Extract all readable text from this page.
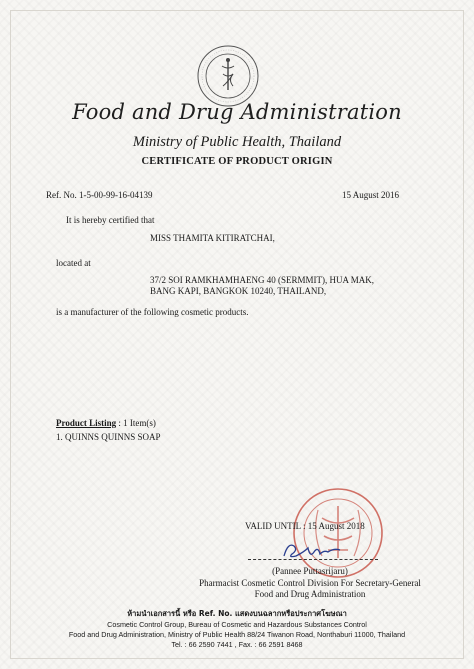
Food and Drug Administration
Ministry of Public Health, Thailand
CERTIFICATE OF PRODUCT ORIGIN
Ref. No. 1-5-00-99-16-04139	15 August 2016
It is hereby certified that
MISS THAMITA KITIRATCHAI,
located at
37/2 SOI RAMKHAMHAENG 40 (SERMMIT), HUA MAK,
BANG KAPI, BANGKOK 10240, THAILAND,
is a manufacturer of the following cosmetic products.
Product Listing : 1 Item(s)
1. QUINNS QUINNS SOAP
VALID UNTIL : 15 August 2018
(Pannee Puttasrijaru)
Pharmacist Cosmetic Control Division For Secretary-General
Food and Drug Administration
ห้ามนำเอกสารนี้ หรือ Ref. No. แสดงบนฉลากหรือประกาศโฆษณา
Cosmetic Control Group, Bureau of Cosmetic and Hazardous Substances Control
Food and Drug Administration, Ministry of Public Health 88/24 Tiwanon Road, Nonthaburi 11000, Thailand
Tel. : 66 2590 7441 , Fax. : 66 2591 8468
